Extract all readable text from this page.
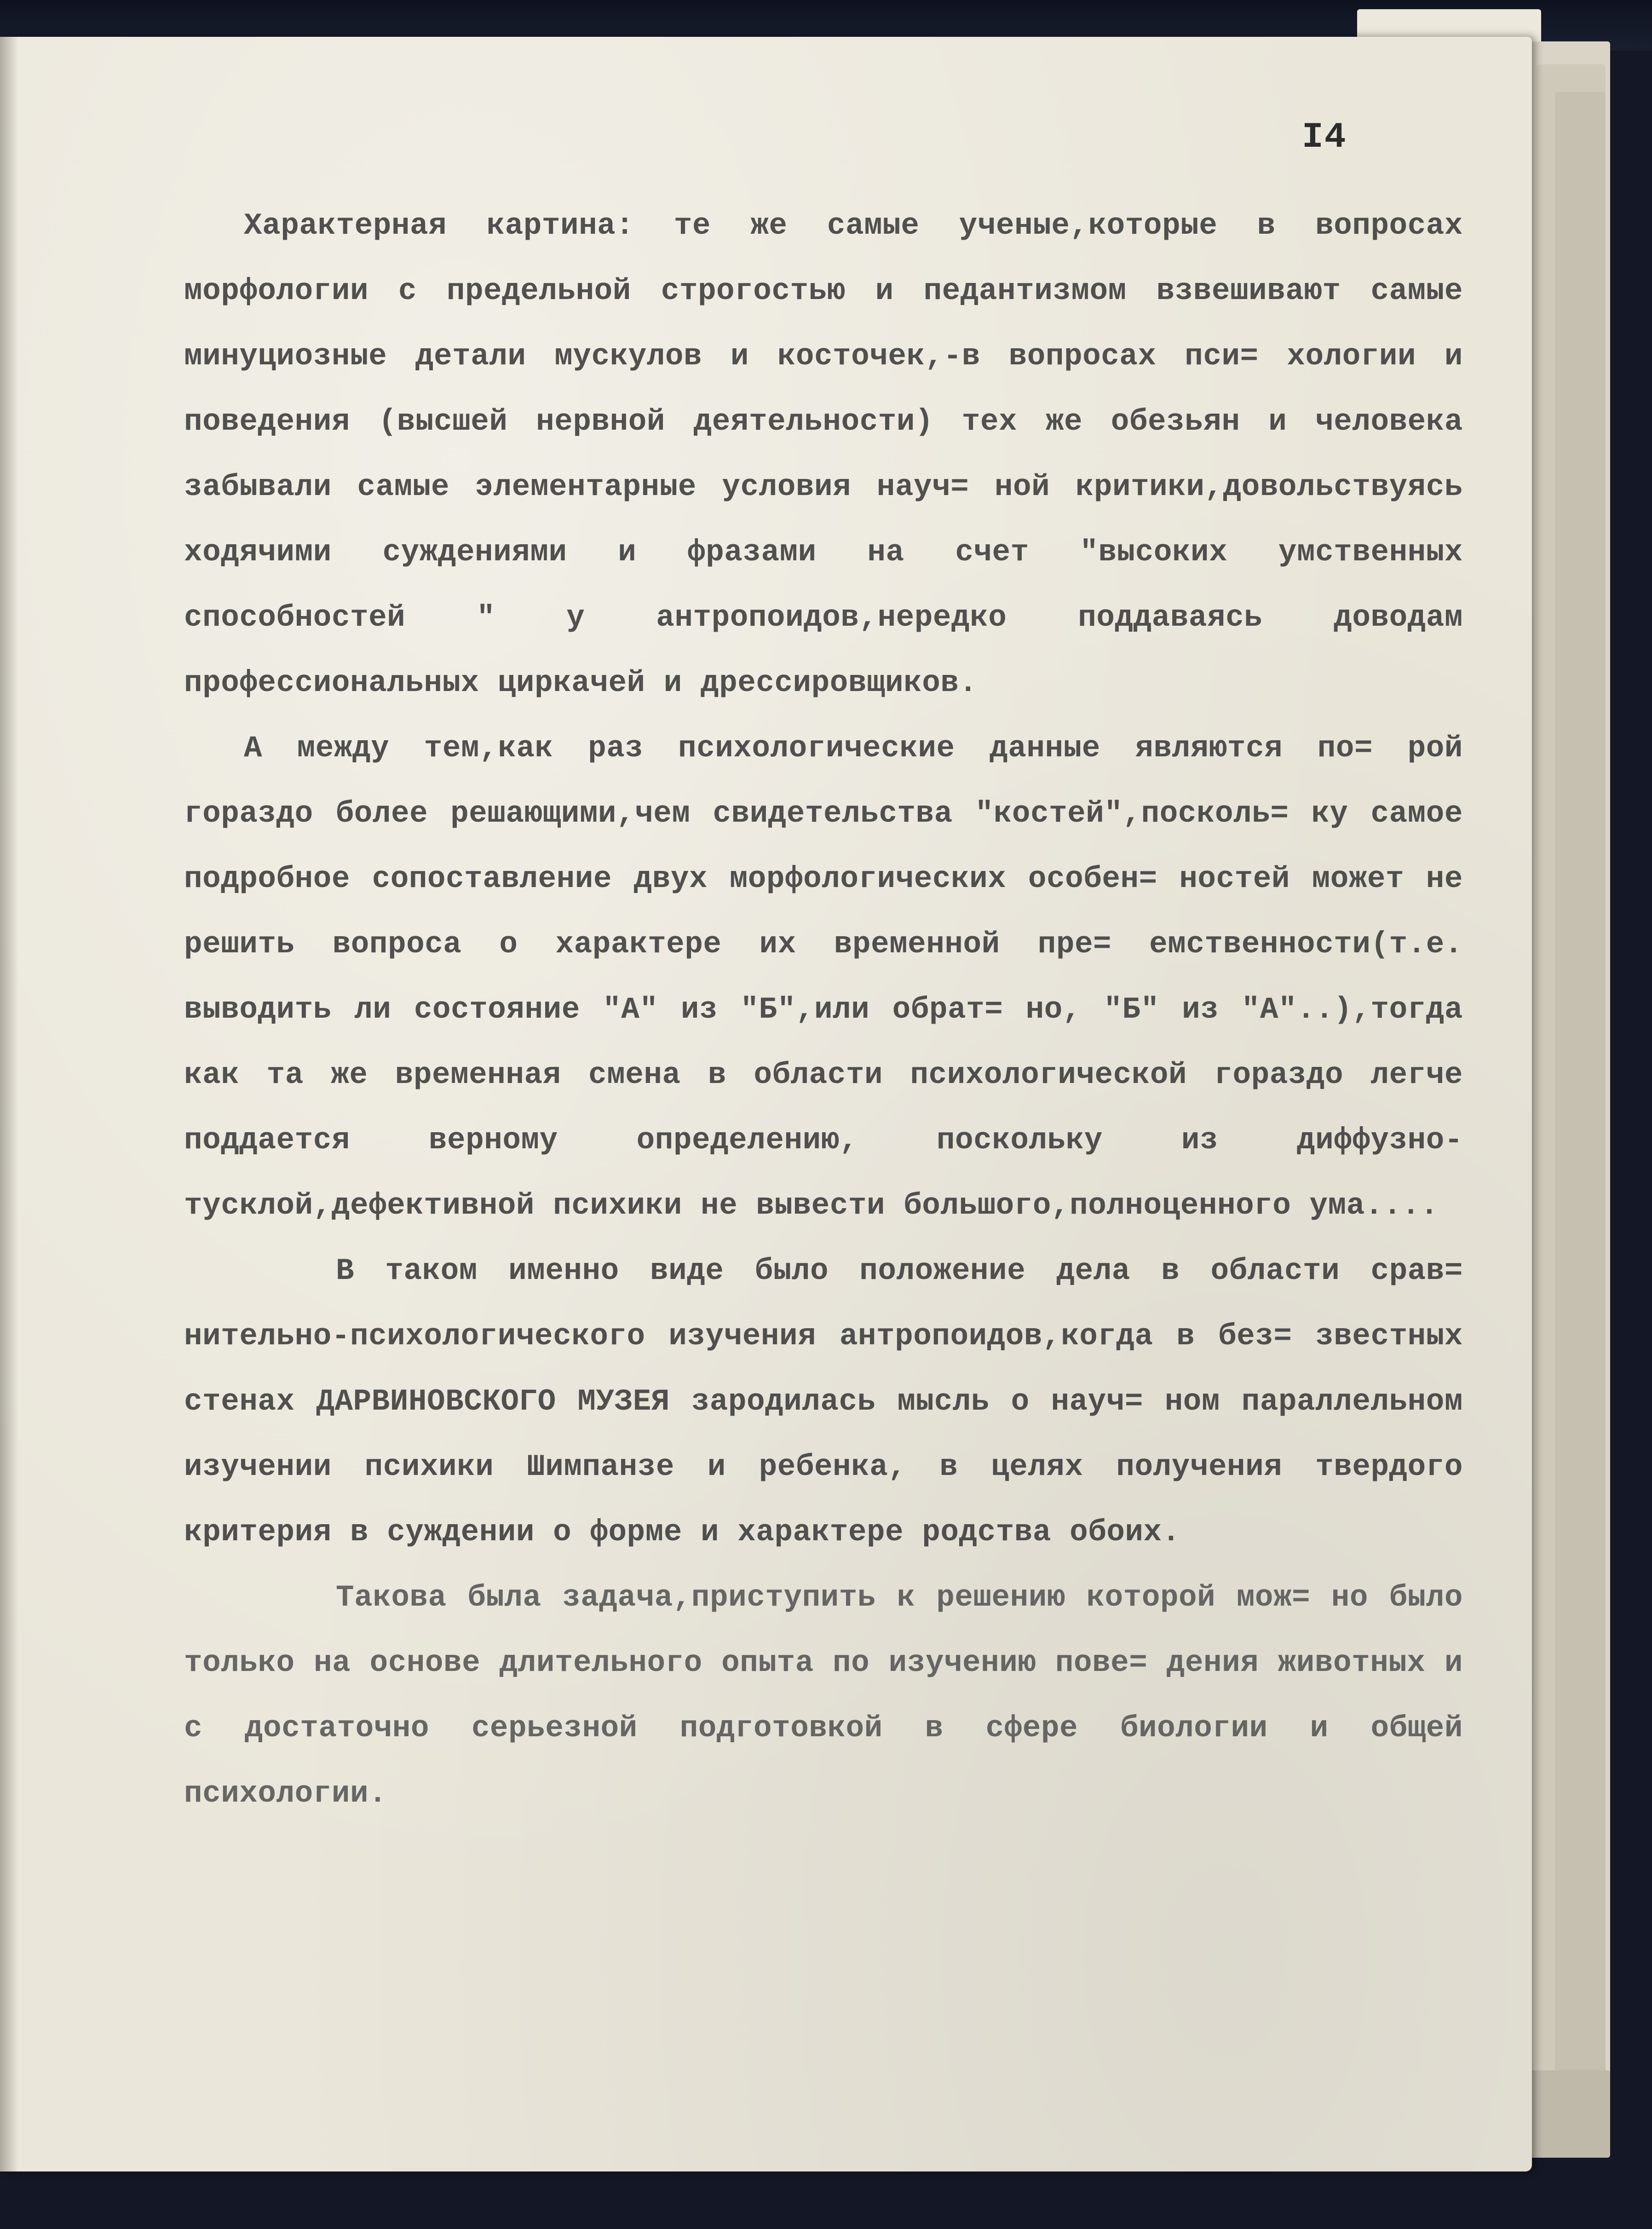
I4

Характерная картина: те же самые ученые,которые в вопросах морфологии с предельной строгостью и педантизмом взвешивают самые минуциозные детали мускулов и косточек,-в вопросах пси= хологии и поведения (высшей нервной деятельности) тех же обезьян и человека забывали самые элементарные условия науч= ной критики,довольствуясь ходячими суждениями и фразами на счет "высоких умственных способностей " у антропоидов,нередко поддаваясь доводам профессиональных циркачей и дрессировщиков.

А между тем,как раз психологические данные являются по= рой гораздо более решающими,чем свидетельства "костей",посколь= ку самое подробное сопоставление двух морфологических особен= ностей может не решить вопроса о характере их временной пре= емственности(т.е. выводить ли состояние "А" из "Б",или обрат= но, "Б" из "А"..),тогда как та же временная смена в области психологической гораздо легче поддается верному определению, поскольку из диффузно-тусклой,дефективной психики не вывести большого,полноценного ума....

В таком именно виде было положение дела в области срав= нительно-психологического изучения антропоидов,когда в без= звестных стенах ДАРВИНОВСКОГО МУЗЕЯ зародилась мысль о науч= ном параллельном изучении психики Шимпанзе и ребенка, в целях получения твердого критерия в суждении о форме и характере родства обоих.

Такова была задача,приступить к решению которой мож= но было только на основе длительного опыта по изучению пове= дения животных и с достаточно серьезной подготовкой в сфере биологии и общей психологии.
